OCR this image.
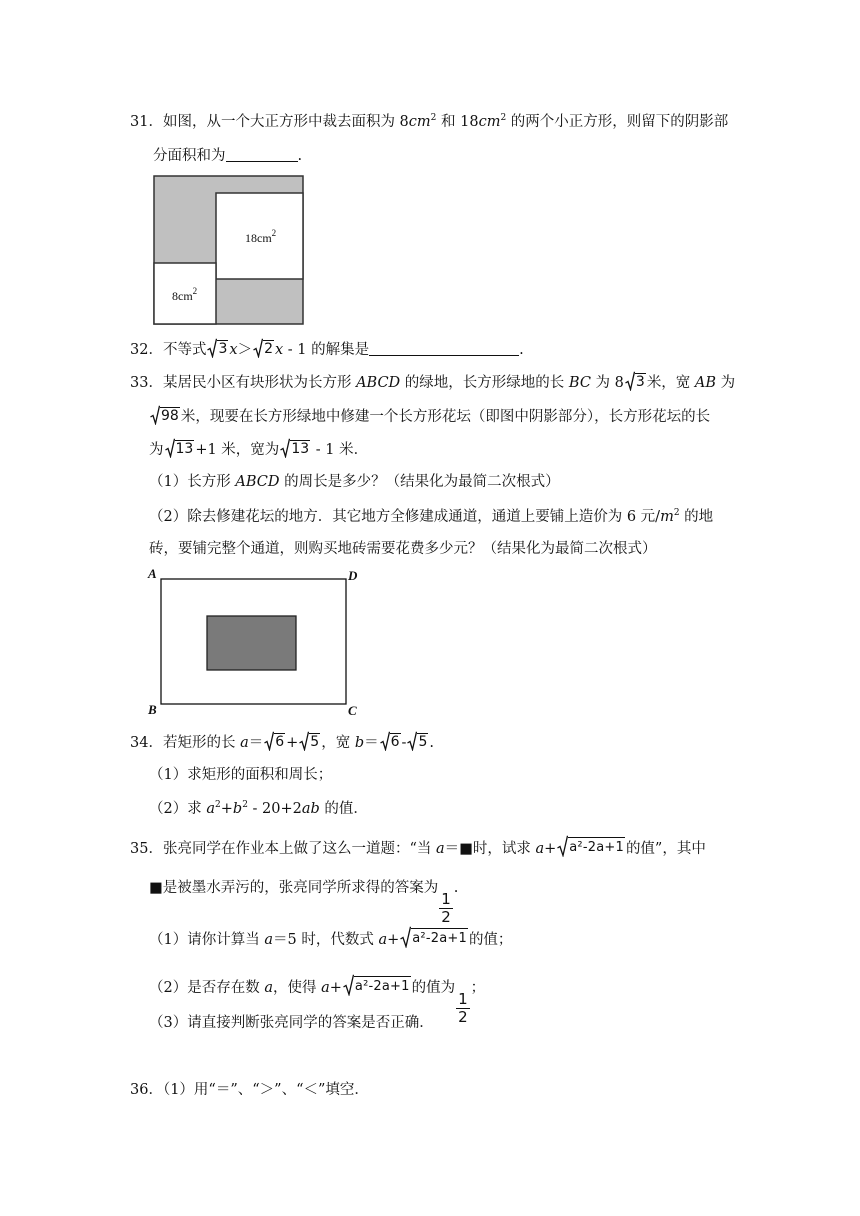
31．如图，从一个大正方形中裁去面积为 $8cm^2$ 和 $18cm^2$ 的两个小正方形，则留下的阴影部
分面积和为	.
$18cm^2$
$8cm^2$
32．不等式 3 x＞ 2 x - 1 的解集是	.
33．某居民小区有块形状为长方形 ABCD 的绿地，长方形绿地的长 BC 为 8 3 米，宽 AB 为
98 米，现要在长方形绿地中修建一个长方形花坛（即图中阴影部分），长方形花坛的长
为 13 +1 米，宽为 13 - 1 米．
（1）长方形 ABCD 的周长是多少？（结果化为最简二次根式）
（2）除去修建花坛的地方．其它地方全修建成通道，通道上要铺上造价为 6 元$/m^2$ 的地
砖，要铺完整个通道，则购买地砖需要花费多少元？（结果化为最简二次根式）
A	D
B	C
34．若矩形的长 a＝ 6 + 5 ，宽 b＝ 6 - 5 .
（1）求矩形的面积和周长；
（2）求 $a^2+b^2 - 20+2ab$ 的值．
35．张亮同学在作业本上做了这么一道题：“当 a＝■时，试求 a+ a²-2a+1 的值”，其中
■是被墨水弄污的，张亮同学所求得的答案为
$\frac{1}{2}$
.
（1）请你计算当 a＝5 时，代数式 a+ a²-2a+1 的值；
（2）是否存在数 a，使得 a+ a²-2a+1 的值为
$\frac{1}{2}$
；
（3）请直接判断张亮同学的答案是否正确．
36．（1）用“＝”、“＞”、“＜”填空．
